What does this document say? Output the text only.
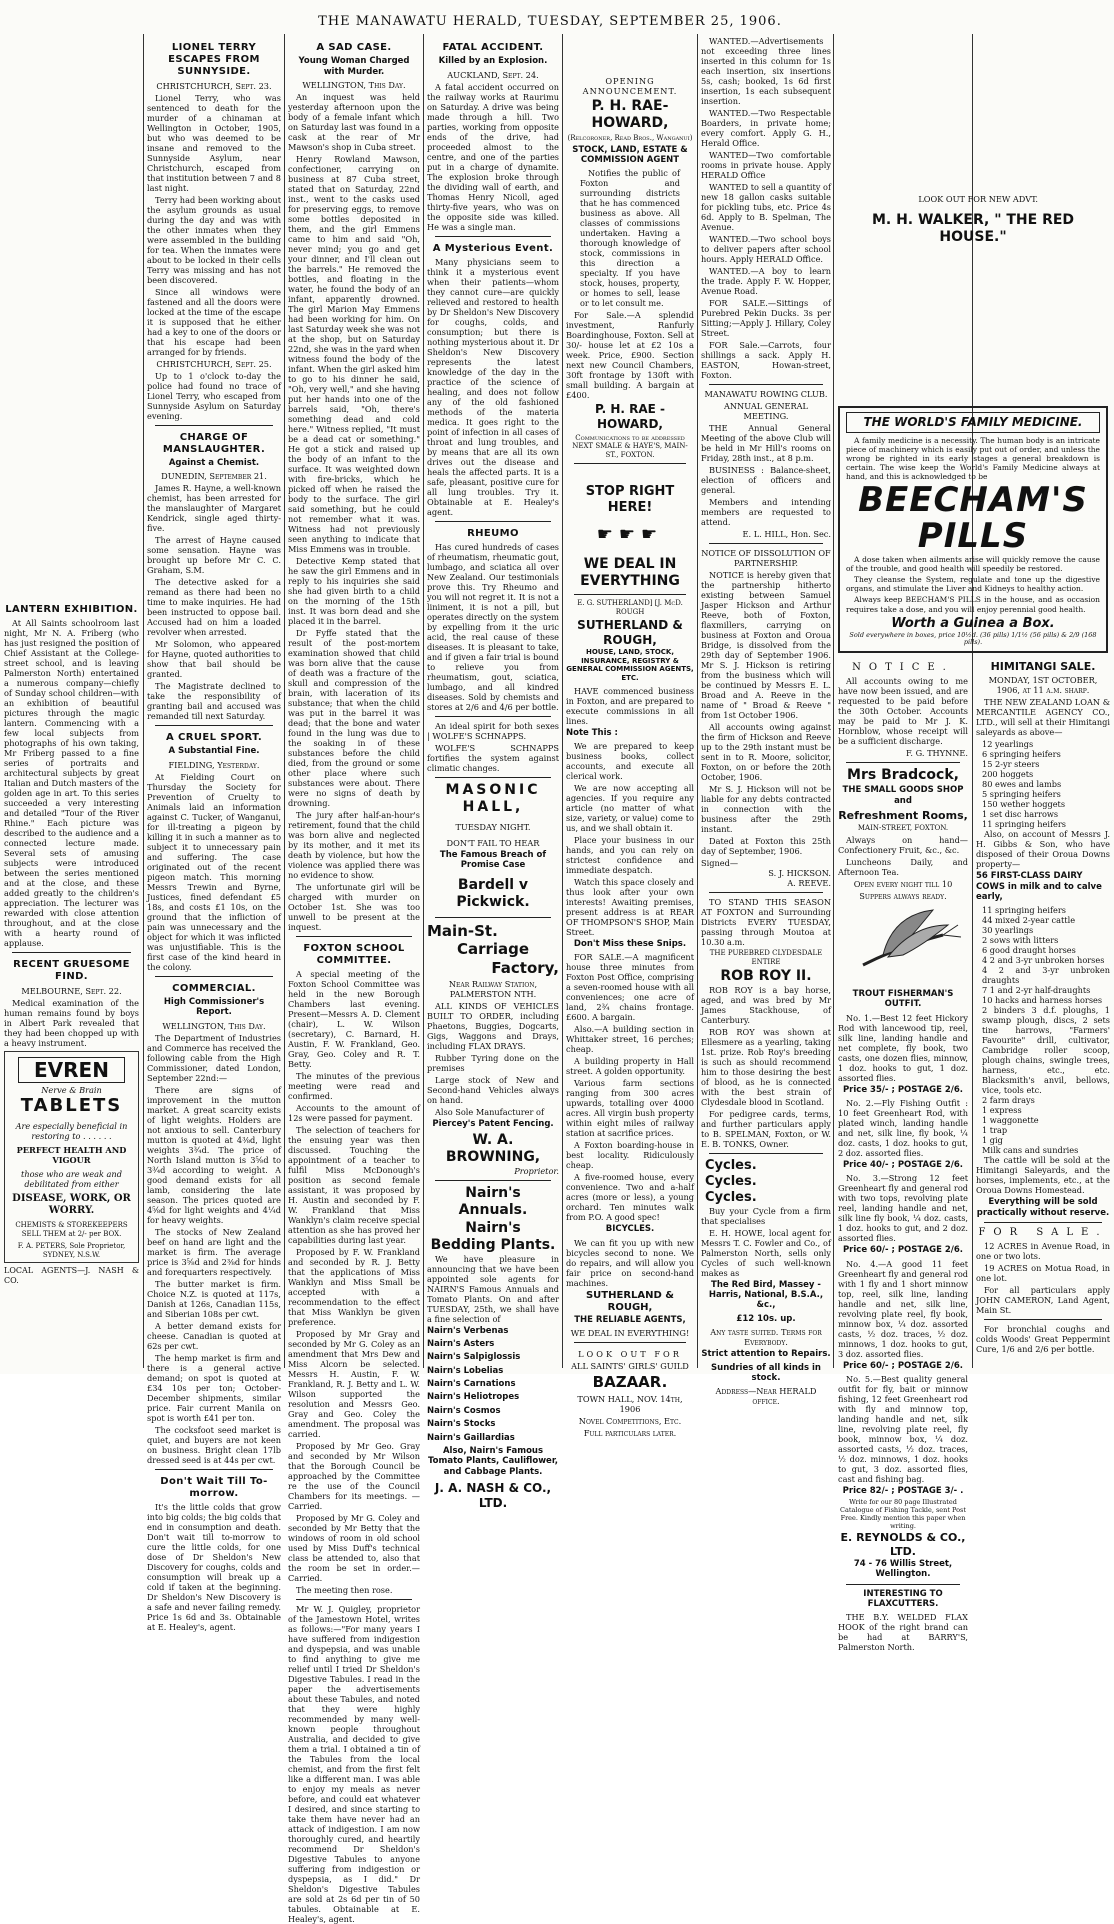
THE MANAWATU HERALD, TUESDAY, SEPTEMBER 25, 1906.
LANTERN EXHIBITION.

At All Saints schoolroom last night, Mr N. A. Friberg (who has just resigned the position of Chief Assistant at the College-street school, and is leaving Palmerston North) entertained a numerous company—chiefly of Sunday school children—with an exhibition of beautiful pictures through the magic lantern. Commencing with a few local subjects from photographs of his own taking, Mr Friberg passed to a fine series of portraits and architectural subjects by great Italian and Dutch masters of the golden age in art. To this series succeeded a very interesting and detailed "Tour of the River Rhine." Each picture was described to the audience and a connected lecture made. Several sets of amusing subjects were introduced between the series mentioned and at the close, and these added greatly to the children's appreciation. The lecturer was rewarded with close attention throughout, and at the close with a hearty round of applause.

RECENT GRUESOME FIND.
MELBOURNE, Sept. 22.

Medical examination of the human remains found by boys in Albert Park revealed that they had been chopped up with a heavy instrument.

EVREN
Nerve & Brain
TABLETS
Are especially beneficial in restoring to . . . . . .
PERFECT HEALTH AND VIGOUR
those who are weak and debilitated from either
DISEASE, WORK, OR WORRY.
CHEMISTS & STOREKEEPERS SELL THEM at 2/- per BOX.
F. A. PETERS, Sole Proprietor, SYDNEY, N.S.W.
LOCAL AGENTS—J. NASH & CO.
LIONEL TERRY ESCAPES FROM SUNNYSIDE.
CHRISTCHURCH, Sept. 23.

Lionel Terry, who was sentenced to death for the murder of a chinaman at Wellington in October, 1905, but who was deemed to be insane and removed to the Sunnyside Asylum, near Christchurch, escaped from that institution between 7 and 8 last night.

Terry had been working about the asylum grounds as usual during the day and was with the other inmates when they were assembled in the building for tea. When the inmates were about to be locked in their cells Terry was missing and has not been discovered.

Since all windows were fastened and all the doors were locked at the time of the escape it is supposed that he either had a key to one of the doors or that his escape had been arranged for by friends.

CHRISTCHURCH, Sept. 25.

Up to 1 o'clock to-day the police had found no trace of Lionel Terry, who escaped from Sunnyside Asylum on Saturday evening.

CHARGE OF MANSLAUGHTER.
Against a Chemist.
DUNEDIN, September 21.

James R. Hayne, a well-known chemist, has been arrested for the manslaughter of Margaret Kendrick, single aged thirty-five.

The arrest of Hayne caused some sensation. Hayne was brought up before Mr C. C. Graham, S.M.

The detective asked for a remand as there had been no time to make inquiries. He had been instructed to oppose bail. Accused had on him a loaded revolver when arrested.

Mr Solomon, who appeared for Hayne, quoted authorities to show that bail should be granted.

The Magistrate declined to take the responsibility of granting bail and accused was remanded till next Saturday.

A CRUEL SPORT.
A Substantial Fine.
FIELDING, Yesterday.

At Fielding Court on Thursday the Society for Prevention of Cruelty to Animals laid an information against C. Tucker, of Wanganui, for ill-treating a pigeon by killing it in such a manner as to subject it to unnecessary pain and suffering. The case originated out of the recent pigeon match. This morning Messrs Trewin and Byrne, Justices, fined defendant £5 18s, and costs £1 10s, on the ground that the infliction of pain was unnecessary and the object for which it was inflicted was unjustifiable. This is the first case of the kind heard in the colony.

COMMERCIAL.
High Commissioner's Report.
WELLINGTON, This Day.

The Department of Industries and Commerce has received the following cable from the High Commissioner, dated London, September 22nd:—

There are signs of improvement in the mutton market. A great scarcity exists of light weights. Holders are not anxious to sell. Canterbury mutton is quoted at 4⅜d, light weights 3¾d. The price of North Island mutton is 3⅝d to 3¾d according to weight. A good demand exists for all lamb, considering the late season. The prices quoted are 4⅝d for light weights and 4¼d for heavy weights.

The stocks of New Zealand beef on hand are light and the market is firm. The average price is 3⅝d and 2⅜d for hinds and forequarters respectively.

The butter market is firm. Choice N.Z. is quoted at 117s, Danish at 126s, Canadian 115s, and Siberian 108s per cwt.

A better demand exists for cheese. Canadian is quoted at 62s per cwt.

The hemp market is firm and there is a general active demand; on spot is quoted at £34 10s per ton; October-December shipments, similar price. Fair current Manila on spot is worth £41 per ton.

The cocksfoot seed market is quiet, and buyers are not keen on business. Bright clean 17lb dressed seed is at 44s per cwt.

Don't Wait Till To-morrow.

It's the little colds that grow into big colds; the big colds that end in consumption and death. Don't wait till to-morrow to cure the little colds, for one dose of Dr Sheldon's New Discovery for coughs, colds and consumption will break up a cold if taken at the beginning. Dr Sheldon's New Discovery is a safe and never failing remedy. Price 1s 6d and 3s. Obtainable at E. Healey's, agent.

A SAD CASE.
Young Woman Charged with Murder.
WELLINGTON, This Day.

An inquest was held yesterday afternoon upon the body of a female infant which on Saturday last was found in a cask at the rear of Mr Mawson's shop in Cuba street.

Henry Rowland Mawson, confectioner, carrying on business at 87 Cuba street, stated that on Saturday, 22nd inst., went to the casks used for preserving eggs, to remove some bottles deposited in them, and the girl Emmens came to him and said "Oh, never mind; you go and get your dinner, and I'll clean out the barrels." He removed the bottles, and floating in the water, he found the body of an infant, apparently drowned. The girl Marion May Emmens had been working for him. On last Saturday week she was not at the shop, but on Saturday 22nd, she was in the yard when witness found the body of the infant. When the girl asked him to go to his dinner he said, "Oh, very well," and she having put her hands into one of the barrels said, "Oh, there's something dead and cold here." Witness replied, "It must be a dead cat or something." He got a stick and raised up the body of an infant to the surface. It was weighted down with fire-bricks, which he picked off when he raised the body to the surface. The girl said something, but he could not remember what it was. Witness had not previously seen anything to indicate that Miss Emmens was in trouble.

Detective Kemp stated that he saw the girl Emmens and in reply to his inquiries she said she had given birth to a child on the morning of the 15th inst. It was born dead and she placed it in the barrel.

Dr Fyffe stated that the result of the post-mortem examination showed that child was born alive that the cause of death was a fracture of the skull and compression of the brain, with laceration of its substance; that when the child was put in the barrel it was dead; that the bone and water found in the lung was due to the soaking in of these substances before the child died, from the ground or some other place where such substances were about. There were no signs of death by drowning.

The jury after half-an-hour's retirement, found that the child was born alive and neglected by its mother, and it met its death by violence, but how the violence was applied there was no evidence to show.

The unfortunate girl will be charged with murder on October 1st. She was too unwell to be present at the inquest.

FOXTON SCHOOL COMMITTEE.

A special meeting of the Foxton School Committee was held in the new Borough Chambers last evening. Present—Messrs A. D. Clement (chair), L. W. Wilson (secretary), C. Barnard, H. Austin, F. W. Frankland, Geo. Gray, Geo. Coley and R. T. Betty.

The minutes of the previous meeting were read and confirmed.

Accounts to the amount of 12s were passed for payment.

The selection of teachers for the ensuing year was then discussed. Touching the appointment of a teacher to fulfil Miss McDonough's position as second female assistant, it was proposed by H. Austin and seconded by F. W. Frankland that Miss Wanklyn's claim receive special attention as she has proved her capabilities during last year.

Proposed by F. W. Frankland and seconded by R. J. Betty that the applications of Miss Wanklyn and Miss Small be accepted with a recommendation to the effect that Miss Wanklyn be given preference.

Proposed by Mr Gray and seconded by Mr G. Coley as an amendment that Mrs Dew and Miss Alcorn be selected. Messrs H. Austin, F. W. Frankland, R. J. Betty and L. W. Wilson supported the resolution and Messrs Geo. Gray and Geo. Coley the amendment. The proposal was carried.

Proposed by Mr Geo. Gray and seconded by Mr Wilson that the Borough Council be approached by the Committee re the use of the Council Chambers for its meetings. —Carried.

Proposed by Mr G. Coley and seconded by Mr Betty that the windows of room in old school used by Miss Duff's technical class be attended to, also that the room be set in order.—Carried.

The meeting then rose.

Mr W. J. Quigley, proprietor of the Jamestown Hotel, writes as follows:—"For many years I have suffered from indigestion and dyspepsia, and was unable to find anything to give me relief until I tried Dr Sheldon's Digestive Tabules. I read in the paper the advertisements about these Tabules, and noted that they were highly recommended by many well-known people throughout Australia, and decided to give them a trial. I obtained a tin of the Tabules from the local chemist, and from the first felt like a different man. I was able to enjoy my meals as never before, and could eat whatever I desired, and since starting to take them have never had an attack of indigestion. I am now thoroughly cured, and heartily recommend Dr Sheldon's Digestive Tabules to anyone suffering from indigestion or dyspepsia, as I did." Dr Sheldon's Digestive Tabules are sold at 2s 6d per tin of 50 tabules. Obtainable at E. Healey's, agent.

FATAL ACCIDENT.
Killed by an Explosion.
AUCKLAND, Sept. 24.

A fatal accident occurred on the railway works at Raurimu on Saturday. A drive was being made through a hill. Two parties, working from opposite ends of the drive, had proceeded almost to the centre, and one of the parties put in a charge of dynamite. The explosion broke through the dividing wall of earth, and Thomas Henry Nicoll, aged thirty-five years, who was on the opposite side was killed. He was a single man.

A Mysterious Event.

Many physicians seem to think it a mysterious event when their patients—whom they cannot cure—are quickly relieved and restored to health by Dr Sheldon's New Discovery for coughs, colds, and consumption; but there is nothing mysterious about it. Dr Sheldon's New Discovery represents the latest knowledge of the day in the practice of the science of healing, and does not follow any of the old fashioned methods of the materia medica. It goes right to the point of infection in all cases of throat and lung troubles, and by means that are all its own drives out the disease and heals the affected parts. It is a safe, pleasant, positive cure for all lung troubles. Try it. Obtainable at E. Healey's agent.

RHEUMO

Has cured hundreds of cases of rheumatism, rheumatic gout, lumbago, and sciatica all over New Zealand. Our testimonials prove this. Try Rheumo and you will not regret it. It is not a liniment, it is not a pill, but operates directly on the system by expelling from it the uric acid, the real cause of these diseases. It is pleasant to take, and if given a fair trial is bound to relieve you from rheumatism, gout, sciatica, lumbago, and all kindred diseases. Sold by chemists and stores at 2/6 and 4/6 per bottle.

An ideal spirit for both sexes | WOLFE'S SCHNAPPS.

WOLFE'S SCHNAPPS fortifies the system against climatic changes.

MASONIC HALL,
TUESDAY NIGHT.
DON'T FAIL TO HEAR
The Famous Breach of Promise Case
Bardell v Pickwick.
Main-St.
Carriage
Factory,
Near Railway Station, PALMERSTON NTH.

ALL KINDS OF VEHICLES BUILT TO ORDER, including Phaetons, Buggies, Dogcarts, Gigs, Waggons and Drays, including FLAX DRAYS.

Rubber Tyring done on the premises

Large stock of New and Second-hand Vehicles always on hand.

Also Sole Manufacturer of

Piercey's Patent Fencing.
W. A. BROWNING,
Proprietor.
Nairn's
Annuals.
Nairn's
Bedding Plants.

We have pleasure in announcing that we have been appointed sole agents for NAIRN'S Famous Annuals and Tomato Plants. On and after TUESDAY, 25th, we shall have a fine selection of

Nairn's Verbenas
Nairn's Asters
Nairn's Salpiglossis
Nairn's Lobelias
Nairn's Carnations
Nairn's Heliotropes
Nairn's Cosmos
Nairn's Stocks
Nairn's Gaillardias
Also, Nairn's Famous Tomato Plants, Cauliflower, and Cabbage Plants.
J. A. NASH & CO., LTD.
OPENING ANNOUNCEMENT.
P. H. RAE-HOWARD,
(Relcoroner, Read Bros., Wanganui)
STOCK, LAND, ESTATE & COMMISSION AGENT

Notifies the public of Foxton and surrounding districts that he has commenced business as above. All classes of commissions undertaken. Having a thorough knowledge of stock, commissions in this direction a specialty. If you have stock, houses, property, or homes to sell, lease or to let consult me.

For Sale.—A splendid investment, Ranfurly Boardinghouse, Foxton. Sell at 30/- house let at £2 10s a week. Price, £900. Section next new Council Chambers, 30ft frontage by 130ft with small building. A bargain at £400.

P. H. RAE - HOWARD,
Communications to be addressed NEXT SMALE & HAYE'S, MAIN-ST., FOXTON.
STOP RIGHT HERE!
☛☛☛
WE DEAL IN
EVERYTHING
E. G. SUTHERLAND] [J. McD. ROUGH
SUTHERLAND & ROUGH,
HOUSE, LAND, STOCK, INSURANCE, REGISTRY & GENERAL COMMISSION AGENTS, ETC.

HAVE commenced business in Foxton, and are prepared to execute commissions in all lines.

Note This :

We are prepared to keep business books, collect accounts, and execute all clerical work.

We are now accepting all agencies. If you require any article (no matter of what size, variety, or value) come to us, and we shall obtain it.

Place your business in our hands, and you can rely on strictest confidence and immediate despatch.

Watch this space closely and thus look after your own interests! Awaiting premises, present address is at REAR OF THOMPSON'S SHOP, Main Street.

Don't Miss these Snips.

FOR SALE.—A magnificent house three minutes from Foxton Post Office, comprising a seven-roomed house with all conveniences; one acre of land, 2¾ chains frontage. £600. A bargain.

Also.—A building section in Whittaker street, 16 perches; cheap.

A building property in Hall street. A golden opportunity.

Various farm sections ranging from 300 acres upwards, totalling over 4000 acres. All virgin bush property within eight miles of railway station at sacrifice prices.

A Foxton boarding-house in best locality. Ridiculously cheap.

A five-roomed house, every convenience. Two and a-half acres (more or less), a young orchard. Ten minutes walk from P.O. A good spec!

BICYCLES.

We can fit you up with new bicycles second to none. We do repairs, and will allow you fair price on second-hand machines.

SUTHERLAND & ROUGH,
THE RELIABLE AGENTS,
WE DEAL IN EVERYTHING!
LOOK OUT FOR
ALL SAINTS' GIRLS' GUILD
BAZAAR.
TOWN HALL, NOV. 14th, 1906
Novel Competitions, Etc.
Full particulars later.

WANTED.—Advertisements not exceeding three lines inserted in this column for 1s each insertion, six insertions 5s, cash; booked, 1s 6d first insertion, 1s each subsequent insertion.

WANTED.—Two Respectable Boarders, in private home; every comfort. Apply G. H., Herald Office.

WANTED—Two comfortable rooms in private house. Apply HERALD Office

WANTED to sell a quantity of new 18 gallon casks suitable for pickling tubs, etc. Price 4s 6d. Apply to B. Spelman, The Avenue.

WANTED.—Two school boys to deliver papers after school hours. Apply HERALD Office.

WANTED.—A boy to learn the trade. Apply F. W. Hopper, Avenue Road.

FOR SALE.—Sittings of Purebred Pekin Ducks. 3s per Sitting;—Apply J. Hillary, Coley Street.

FOR Sale.—Carrots, four shillings a sack. Apply H. EASTON, Howan-street, Foxton.

MANAWATU ROWING CLUB.
ANNUAL GENERAL MEETING.

THE Annual General Meeting of the above Club will be held in Mr Hill's rooms on Friday, 28th inst., at 8 p.m.

BUSINESS : Balance-sheet, election of officers and general.

Members and intending members are requested to attend.

E. L. HILL, Hon. Sec.
NOTICE OF DISSOLUTION OF PARTNERSHIP.

NOTICE is hereby given that the partnership hitherto existing between Samuel Jasper Hickson and Arthur Reeve, both of Foxton, flaxmillers, carrying on business at Foxton and Oroua Bridge, is dissolved from the 29th day of September 1906. Mr S. J. Hickson is retiring from the business which will be continued by Messrs E. L. Broad and A. Reeve in the name of " Broad & Reeve " from 1st October 1906.

All accounts owing against the firm of Hickson and Reeve up to the 29th instant must be sent in to R. Moore, solicitor, Foxton, on or before the 20th October, 1906.

Mr S. J. Hickson will not be liable for any debts contracted in connection with the business after the 29th instant.

Dated at Foxton this 25th day of September, 1906.

Signed—
S. J. HICKSON.
A. REEVE.

TO STAND THIS SEASON AT FOXTON and Surrounding Districts EVERY TUESDAY, passing through Moutoa at 10.30 a.m.

THE PUREBRED CLYDESDALE ENTIRE
ROB ROY II.

ROB ROY is a bay horse, aged, and was bred by Mr James Stackhouse, of Canterbury.

ROB ROY was shown at Ellesmere as a yearling, taking 1st. prize. Rob Roy's breeding is such as should recommend him to those desiring the best of blood, as he is connected with the best strain of Clydesdale blood in Scotland.

For pedigree cards, terms, and further particulars apply to B. SPELMAN, Foxton, or W. E. B. TONKS, Owner.

Cycles.
Cycles.
Cycles.

Buy your Cycle from a firm that specialises

E. H. HOWE, local agent for Messrs T. C. Fowler and Co., of Palmerston North, sells only Cycles of such well-known makes as

The Red Bird, Massey - Harris, National, B.S.A., &c.,
£12 10s. up.
Any taste suited. Terms for Everybody.
Strict attention to Repairs.
Sundries of all kinds in stock.
Address—Near HERALD office.
LOOK OUT FOR NEW ADVT.
M. H. WALKER, " THE RED HOUSE."
THE WORLD'S FAMILY MEDICINE.

A family medicine is a necessity. The human body is an intricate piece of machinery which is easily put out of order, and unless the wrong be righted in its early stages a general breakdown is certain. The wise keep the World's Family Medicine always at hand, and this is acknowledged to be

BEECHAM'S
PILLS

A dose taken when ailments arise will quickly remove the cause of the trouble, and good health will speedily be restored.

They cleanse the System, regulate and tone up the digestive organs, and stimulate the Liver and Kidneys to healthy action.

Always keep BEECHAM'S PILLS in the house, and as occasion requires take a dose, and you will enjoy perennial good health.

Worth a Guinea a Box.
Sold everywhere in boxes, price 10½d. (36 pills) 1/1½ (56 pills) & 2/9 (168 pills).
NOTICE.

All accounts owing to me have now been issued, and are requested to be paid before the 30th October. Accounts may be paid to Mr J. K. Hornblow, whose receipt will be a sufficient discharge.

F. G. THYNNE.
Mrs Bradcock,
THE SMALL GOODS SHOP and
Refreshment Rooms,
MAIN-STREET, FOXTON.

Always on hand—Confectionery Fruit, &c., &c.

Luncheons Daily, and Afternoon Tea.

Open every night till 10
Suppers always ready.
TROUT FISHERMAN'S OUTFIT.

No. 1.—Best 12 feet Hickory Rod with lancewood tip, reel, silk line, landing handle and net complete, fly book, two casts, one dozen flies, minnow, 1 doz. hooks to gut, 1 doz. assorted flies.

Price 35/- ; POSTAGE 2/6.

No. 2.—Fly Fishing Outfit : 10 feet Greenheart Rod, with plated winch, landing handle and net, silk line, fly book, ¼ doz. casts, 1 doz. hooks to gut, 2 doz. assorted flies.

Price 40/- ; POSTAGE 2/6.

No. 3.—Strong 12 feet Greenheart fly and general rod with two tops, revolving plate reel, landing handle and net, silk line fly book, ¼ doz. casts, 1 doz. hooks to gut, and 2 doz. assorted flies.

Price 60/- ; POSTAGE 2/6.

No. 4.—A good 11 feet Greenheart fly and general rod with 1 fly and 1 short minnow top, reel, silk line, landing handle and net, silk line, revolving plate reel, fly book, minnow box, ¼ doz. assorted casts, ½ doz. traces, ½ doz. minnows, 1 doz. hooks to gut, 3 doz. assorted flies.

Price 60/- ; POSTAGE 2/6.

No. 5.—Best quality general outfit for fly, bait or minnow fishing, 12 feet Greenheart rod with fly and minnow top, landing handle and net, silk line, revolving plate reel, fly book, minnow box, ¼ doz. assorted casts, ½ doz. traces, ½ doz. minnows, 1 doz. hooks to gut, 3 doz. assorted flies, cast and fishing bag.

Price 82/- ; POSTAGE 3/- .
Write for our 80 page Illustrated Catalogue of Fishing Tackle, sent Post Free. Kindly mention this paper when writing.
E. REYNOLDS & CO., LTD.
74 - 76 Willis Street, Wellington.
INTERESTING TO FLAXCUTTERS.

THE B.Y. WELDED FLAX HOOK of the right brand can be had at BARRY'S, Palmerston North.

HIMITANGI SALE.
MONDAY, 1ST OCTOBER, 1906, at 11 a.m. sharp.

THE NEW ZEALAND LOAN & MERCANTILE AGENCY CO., LTD., will sell at their Himitangi saleyards as above—

12 yearlings
6 springing heifers
15 2-yr steers
200 hoggets
80 ewes and lambs
5 springing heifers
150 wether hoggets
1 set disc harrows
11 springing heifers

Also, on account of Messrs J. H. Gibbs & Son, who have disposed of their Oroua Downs property—

56 FIRST-CLASS DAIRY COWS in milk and to calve early,
11 springing heifers
44 mixed 2-year cattle
30 yearlings
2 sows with litters
6 good draught horses
4 2 and 3-yr unbroken horses
4 2 and 3-yr unbroken draughts
7 1 and 2-yr half-draughts
10 hacks and harness horses
2 binders 3 d.f. ploughs, 1 swamp plough, discs, 2 sets tine harrows, "Farmers' Favourite" drill, cultivator, Cambridge roller scoop, plough chains, swingle trees, harness, etc., etc. Blacksmith's anvil, bellows, vice, tools etc.
2 farm drays
1 express
1 waggonette
1 trap
1 gig
Milk cans and sundries

The cattle will be sold at the Himitangi Saleyards, and the horses, implements, etc., at the Oroua Downs Homestead.

Everything will be sold practically without reserve.
FOR SALE.

12 ACRES in Avenue Road, in one or two lots.

19 ACRES on Motua Road, in one lot.

For all particulars apply JOHN CAMERON, Land Agent, Main St.

For bronchial coughs and colds Woods' Great Peppermint Cure, 1/6 and 2/6 per bottle.
